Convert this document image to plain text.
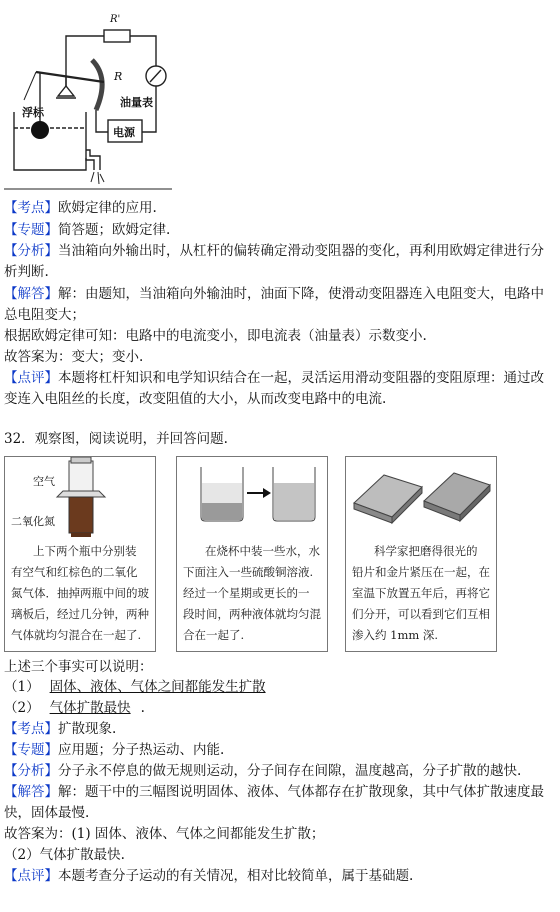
浮标
R'
R
油量表
电源
【考点】欧姆定律的应用.
【专题】简答题；欧姆定律.
【分析】当油箱向外输出时，从杠杆的偏转确定滑动变阻器的变化，再利用欧姆定律进行分
析判断.
【解答】解：由题知，当油箱向外输油时，油面下降，使滑动变阻器连入电阻变大，电路中
总电阻变大；
根据欧姆定律可知：电路中的电流变小，即电流表（油量表）示数变小.
故答案为：变大；变小.
【点评】本题将杠杆知识和电学知识结合在一起，灵活运用滑动变阻器的变阻原理：通过改
变连入电阻丝的长度，改变阻值的大小，从而改变电路中的电流.
32．观察图，阅读说明，并回答问题.
空气
二氧化氮
上下两个瓶中分别装
有空气和红棕色的二氧化
氮气体．抽掉两瓶中间的玻
璃板后，经过几分钟，两种
气体就均匀混合在一起了.
在烧杯中装一些水，水
下面注入一些硫酸铜溶液.
经过一个星期或更长的一
段时间，两种液体就均匀混
合在一起了.
科学家把磨得很光的
铅片和金片紧压在一起，在
室温下放置五年后，再将它
们分开，可以看到它们互相
渗入约 1mm 深.
上述三个事实可以说明：
（1） 固体、液体、气体之间都能发生扩散
（2） 气体扩散最快 .
【考点】扩散现象.
【专题】应用题；分子热运动、内能.
【分析】分子永不停息的做无规则运动，分子间存在间隙，温度越高，分子扩散的越快.
【解答】解：题干中的三幅图说明固体、液体、气体都存在扩散现象，其中气体扩散速度最
快，固体最慢.
故答案为：(1) 固体、液体、气体之间都能发生扩散；
（2）气体扩散最快.
【点评】本题考查分子运动的有关情况，相对比较简单，属于基础题.
